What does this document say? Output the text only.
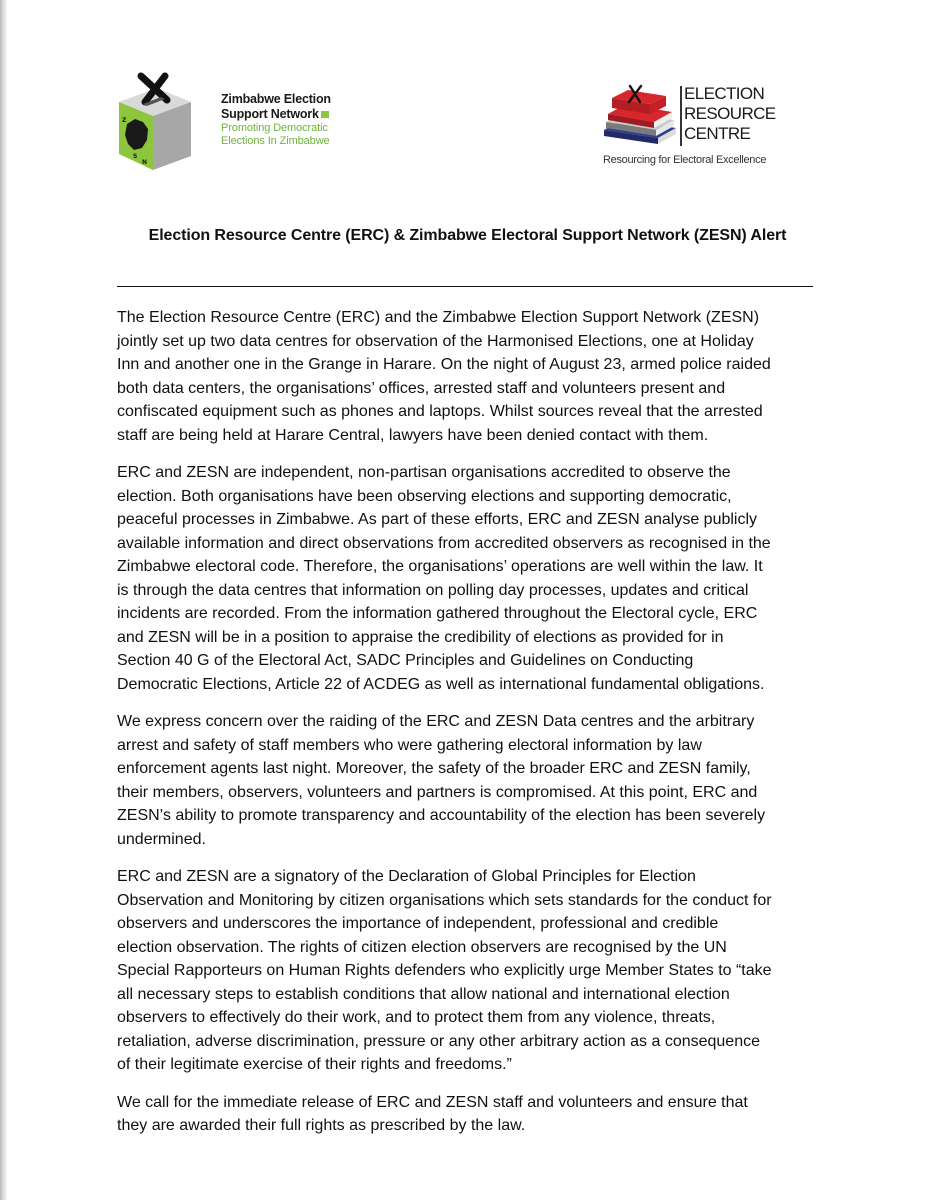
Z
S
N
Zimbabwe Election
Support Network
Promoting Democratic
Elections In Zimbabwe
ELECTION
RESOURCE
CENTRE
Resourcing for Electoral Excellence
Election Resource Centre (ERC) & Zimbabwe Electoral Support Network (ZESN) Alert

The Election Resource Centre (ERC) and the Zimbabwe Election Support Network (ZESN)
jointly set up two data centres for observation of the Harmonised Elections, one at Holiday
Inn and another one in the Grange in Harare. On the night of August 23, armed police raided
both data centers, the organisations’ offices, arrested staff and volunteers present and
confiscated equipment such as phones and laptops. Whilst sources reveal that the arrested
staff are being held at Harare Central, lawyers have been denied contact with them.

ERC and ZESN are independent, non-partisan organisations accredited to observe the
election. Both organisations have been observing elections and supporting democratic,
peaceful processes in Zimbabwe. As part of these efforts, ERC and ZESN analyse publicly
available information and direct observations from accredited observers as recognised in the
Zimbabwe electoral code. Therefore, the organisations’ operations are well within the law. It
is through the data centres that information on polling day processes, updates and critical
incidents are recorded. From the information gathered throughout the Electoral cycle, ERC
and ZESN will be in a position to appraise the credibility of elections as provided for in
Section 40 G of the Electoral Act, SADC Principles and Guidelines on Conducting
Democratic Elections, Article 22 of ACDEG as well as international fundamental obligations.

We express concern over the raiding of the ERC and ZESN Data centres and the arbitrary
arrest and safety of staff members who were gathering electoral information by law
enforcement agents last night. Moreover, the safety of the broader ERC and ZESN family,
their members, observers, volunteers and partners is compromised. At this point, ERC and
ZESN’s ability to promote transparency and accountability of the election has been severely
undermined.

ERC and ZESN are a signatory of the Declaration of Global Principles for Election
Observation and Monitoring by citizen organisations which sets standards for the conduct for
observers and underscores the importance of independent, professional and credible
election observation. The rights of citizen election observers are recognised by the UN
Special Rapporteurs on Human Rights defenders who explicitly urge Member States to “take
all necessary steps to establish conditions that allow national and international election
observers to effectively do their work, and to protect them from any violence, threats,
retaliation, adverse discrimination, pressure or any other arbitrary action as a consequence
of their legitimate exercise of their rights and freedoms.”

We call for the immediate release of ERC and ZESN staff and volunteers and ensure that
they are awarded their full rights as prescribed by the law.
